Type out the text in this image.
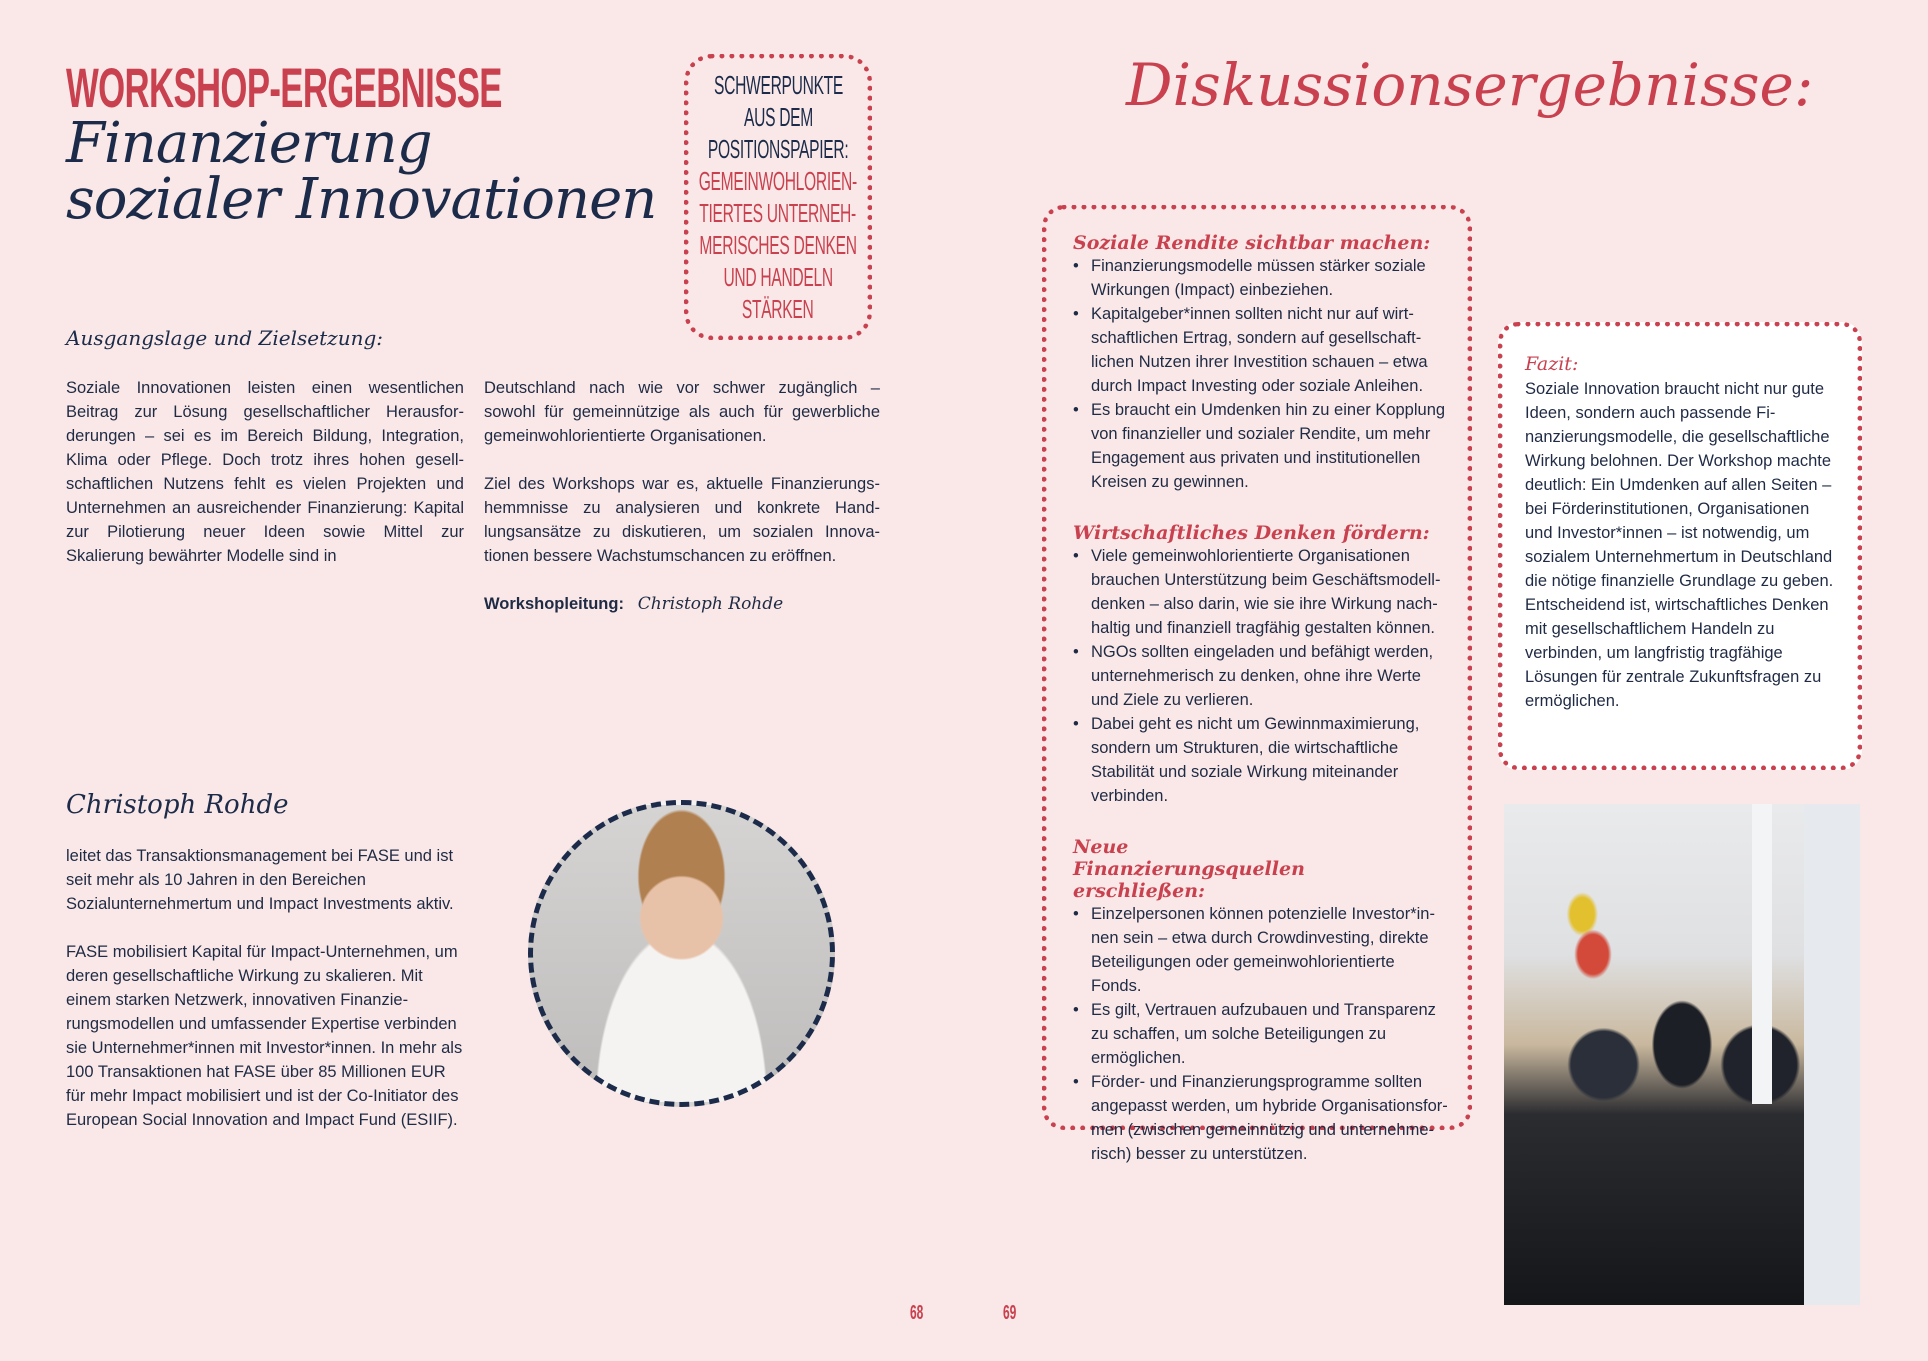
WORKSHOP-ERGEBNISSE
Finanzierung
sozialer Innovationen
SCHWERPUNKTE
AUS DEM
POSITIONSPAPIER:
GEMEINWOHLORIEN-
TIERTES UNTERNEH-
MERISCHES DENKEN
UND HANDELN
STÄRKEN
Ausgangslage und Zielsetzung:
Soziale Innovationen leisten einen wesentlichen Beitrag zur Lösung gesellschaftlicher Herausforderungen – sei es im Bereich Bildung, Integration, Klima oder Pflege. Doch trotz ihres hohen gesellschaftlichen Nutzens fehlt es vielen Projekten und Unternehmen an ausreichender Finanzierung: Kapital zur Pilotierung neuer Ideen sowie Mittel zur Skalierung bewährter Modelle sind in

Deutschland nach wie vor schwer zugänglich – sowohl für gemeinnützige als auch für gewerbliche gemeinwohlorientierte Organisationen.

Ziel des Workshops war es, aktuelle Finanzierungshemmnisse zu analysieren und konkrete Handlungsansätze zu diskutieren, um sozialen Innovationen bessere Wachstumschancen zu eröffnen.

Workshopleitung: Christoph Rohde
Christoph Rohde

leitet das Transaktionsmanagement bei FASE und ist seit mehr als 10 Jahren in den Bereichen Sozialunternehmertum und Impact Investments aktiv.

FASE mobilisiert Kapital für Impact-Unternehmen, um deren gesellschaftliche Wirkung zu skalieren. Mit einem starken Netzwerk, innovativen Finanzierungsmodellen und umfassender Expertise verbinden sie Unternehmer*innen mit Investor*innen. In mehr als 100 Transaktionen hat FASE über 85 Millionen EUR für mehr Impact mobilisiert und ist der Co-Initiator des European Social Innovation and Impact Fund (ESIIF).

68
Diskussionsergebnisse:
Soziale Rendite sichtbar machen:
• Finanzierungsmodelle müssen stärker soziale Wirkungen (Impact) einbeziehen.
• Kapitalgeber*innen sollten nicht nur auf wirtschaftlichen Ertrag, sondern auf gesellschaftlichen Nutzen ihrer Investition schauen – etwa durch Impact Investing oder soziale Anleihen.
• Es braucht ein Umdenken hin zu einer Kopplung von finanzieller und sozialer Rendite, um mehr Engagement aus privaten und institutionellen Kreisen zu gewinnen.
Wirtschaftliches Denken fördern:
• Viele gemeinwohlorientierte Organisationen brauchen Unterstützung beim Geschäftsmodelldenken – also darin, wie sie ihre Wirkung nachhaltig und finanziell tragfähig gestalten können.
• NGOs sollten eingeladen und befähigt werden, unternehmerisch zu denken, ohne ihre Werte und Ziele zu verlieren.
• Dabei geht es nicht um Gewinnmaximierung, sondern um Strukturen, die wirtschaftliche Stabilität und soziale Wirkung miteinander verbinden.
Neue Finanzierungsquellen erschließen:
• Einzelpersonen können potenzielle Investor*innen sein – etwa durch Crowdinvesting, direkte Beteiligungen oder gemeinwohlorientierte Fonds.
• Es gilt, Vertrauen aufzubauen und Transparenz zu schaffen, um solche Beteiligungen zu ermöglichen.
• Förder- und Finanzierungsprogramme sollten angepasst werden, um hybride Organisationsformen (zwischen gemeinnützig und unternehmerisch) besser zu unterstützen.
Fazit:
Soziale Innovation braucht nicht nur gute Ideen, sondern auch passende Finanzierungsmodelle, die gesellschaftliche Wirkung belohnen. Der Workshop machte deutlich: Ein Umdenken auf allen Seiten – bei Förderinstitutionen, Organisationen und Investor*innen – ist notwendig, um sozialem Unternehmertum in Deutschland die nötige finanzielle Grundlage zu geben. Entscheidend ist, wirtschaftliches Denken mit gesellschaftlichem Handeln zu verbinden, um langfristig tragfähige Lösungen für zentrale Zukunftsfragen zu ermöglichen.
69
